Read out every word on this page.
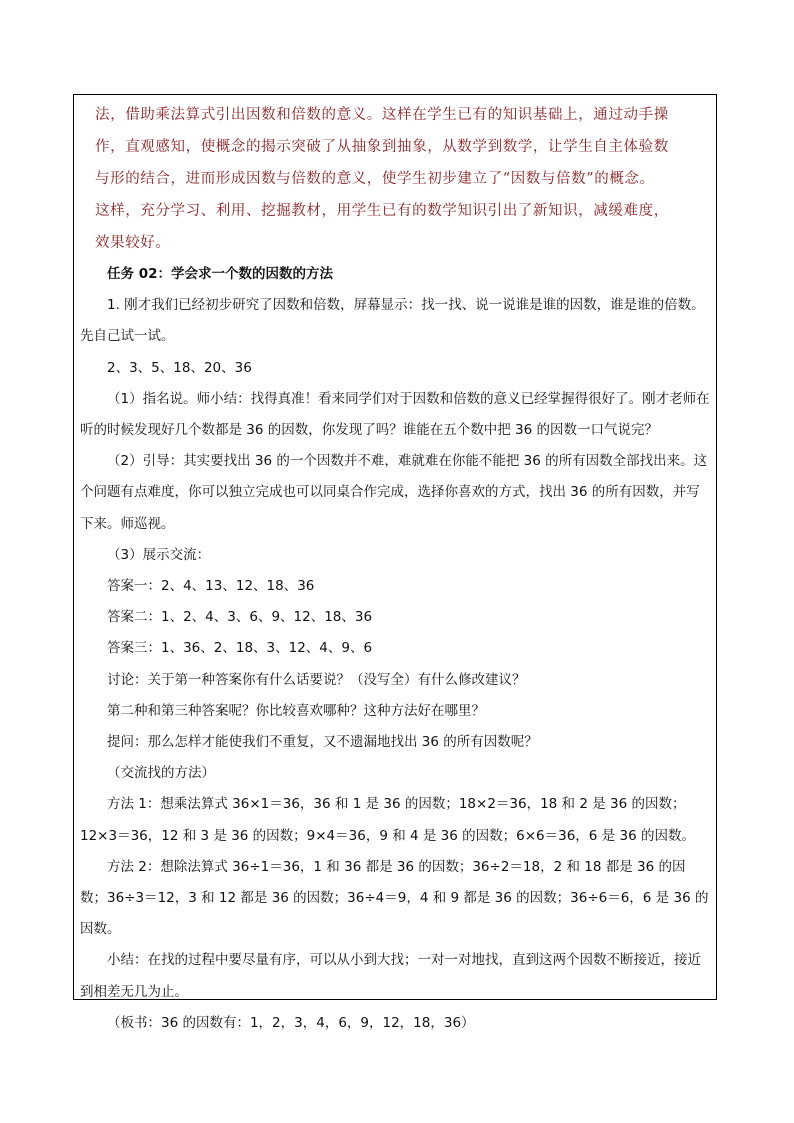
法，借助乘法算式引出因数和倍数的意义。这样在学生已有的知识基础上，通过动手操
作，直观感知，使概念的揭示突破了从抽象到抽象，从数学到数学，让学生自主体验数
与形的结合，进而形成因数与倍数的意义，使学生初步建立了“因数与倍数”的概念。
这样，充分学习、利用、挖掘教材，用学生已有的数学知识引出了新知识，减缓难度，
效果较好。

任务 02：学会求一个数的因数的方法

1. 刚才我们已经初步研究了因数和倍数，屏幕显示：找一找、说一说谁是谁的因数，谁是谁的倍数。先自己试一试。

2、3、5、18、20、36

（1）指名说。师小结：找得真准！看来同学们对于因数和倍数的意义已经掌握得很好了。刚才老师在听的时候发现好几个数都是 36 的因数，你发现了吗？谁能在五个数中把 36 的因数一口气说完？

（2）引导：其实要找出 36 的一个因数并不难，难就难在你能不能把 36 的所有因数全部找出来。这个问题有点难度，你可以独立完成也可以同桌合作完成，选择你喜欢的方式，找出 36 的所有因数，并写下来。师巡视。

（3）展示交流：

答案一：2、4、13、12、18、36

答案二：1、2、4、3、6、9、12、18、36

答案三：1、36、2、18、3、12、4、9、6

讨论：关于第一种答案你有什么话要说？（没写全）有什么修改建议？

第二种和第三种答案呢？你比较喜欢哪种？这种方法好在哪里？

提问：那么怎样才能使我们不重复，又不遗漏地找出 36 的所有因数呢？

（交流找的方法）

方法 1：想乘法算式 36×1＝36，36 和 1 是 36 的因数；18×2＝36，18 和 2 是 36 的因数；12×3＝36，12 和 3 是 36 的因数；9×4＝36，9 和 4 是 36 的因数；6×6＝36，6 是 36 的因数。

方法 2：想除法算式 36÷1＝36，1 和 36 都是 36 的因数；36÷2＝18，2 和 18 都是 36 的因数；36÷3＝12，3 和 12 都是 36 的因数；36÷4＝9，4 和 9 都是 36 的因数；36÷6＝6，6 是 36 的因数。

小结：在找的过程中要尽量有序，可以从小到大找；一对一对地找，直到这两个因数不断接近，接近到相差无几为止。

（板书：36 的因数有：1，2，3，4，6，9，12，18，36）
